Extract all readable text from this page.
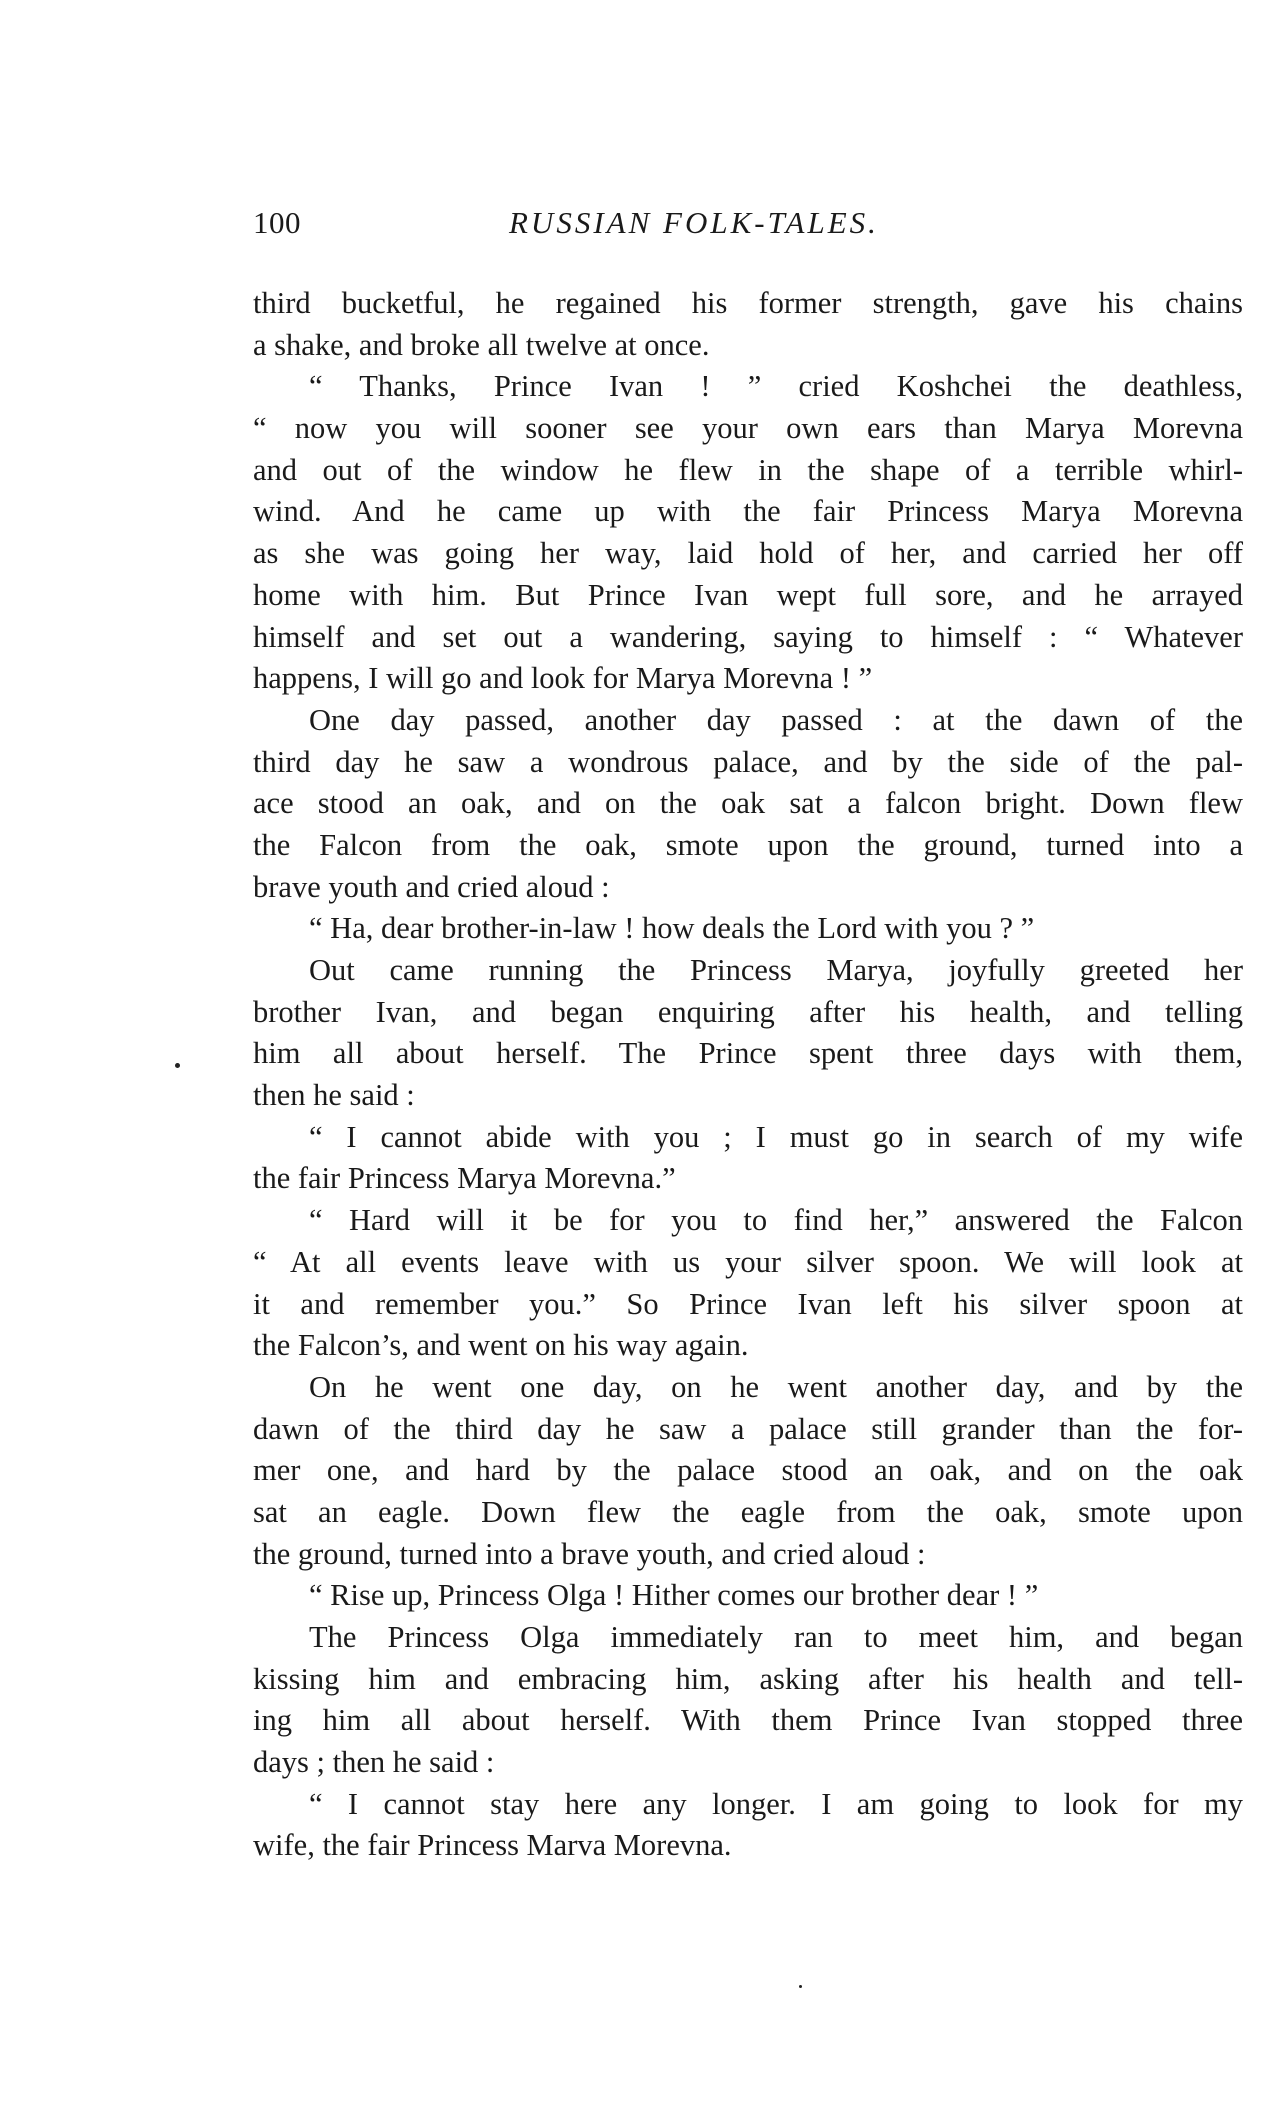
100	RUSSIAN FOLK-TALES.
third bucketful, he regained his former strength, gave his chains
a shake, and broke all twelve at once.
“ Thanks, Prince Ivan ! ” cried Koshchei the deathless,
“ now you will sooner see your own ears than Marya Morevna
and out of the window he flew in the shape of a terrible whirl-
wind. And he came up with the fair Princess Marya Morevna
as she was going her way, laid hold of her, and carried her off
home with him. But Prince Ivan wept full sore, and he arrayed
himself and set out a wandering, saying to himself : “ Whatever
happens, I will go and look for Marya Morevna ! ”
One day passed, another day passed : at the dawn of the
third day he saw a wondrous palace, and by the side of the pal-
ace stood an oak, and on the oak sat a falcon bright. Down flew
the Falcon from the oak, smote upon the ground, turned into a
brave youth and cried aloud :
“ Ha, dear brother-in-law ! how deals the Lord with you ? ”
Out came running the Princess Marya, joyfully greeted her
brother Ivan, and began enquiring after his health, and telling
him all about herself. The Prince spent three days with them,
then he said :
“ I cannot abide with you ; I must go in search of my wife
the fair Princess Marya Morevna.”
“ Hard will it be for you to find her,” answered the Falcon
“ At all events leave with us your silver spoon. We will look at
it and remember you.” So Prince Ivan left his silver spoon at
the Falcon’s, and went on his way again.
On he went one day, on he went another day, and by the
dawn of the third day he saw a palace still grander than the for-
mer one, and hard by the palace stood an oak, and on the oak
sat an eagle. Down flew the eagle from the oak, smote upon
the ground, turned into a brave youth, and cried aloud :
“ Rise up, Princess Olga ! Hither comes our brother dear ! ”
The Princess Olga immediately ran to meet him, and began
kissing him and embracing him, asking after his health and tell-
ing him all about herself. With them Prince Ivan stopped three
days ; then he said :
“ I cannot stay here any longer. I am going to look for my
wife, the fair Princess Marva Morevna.
